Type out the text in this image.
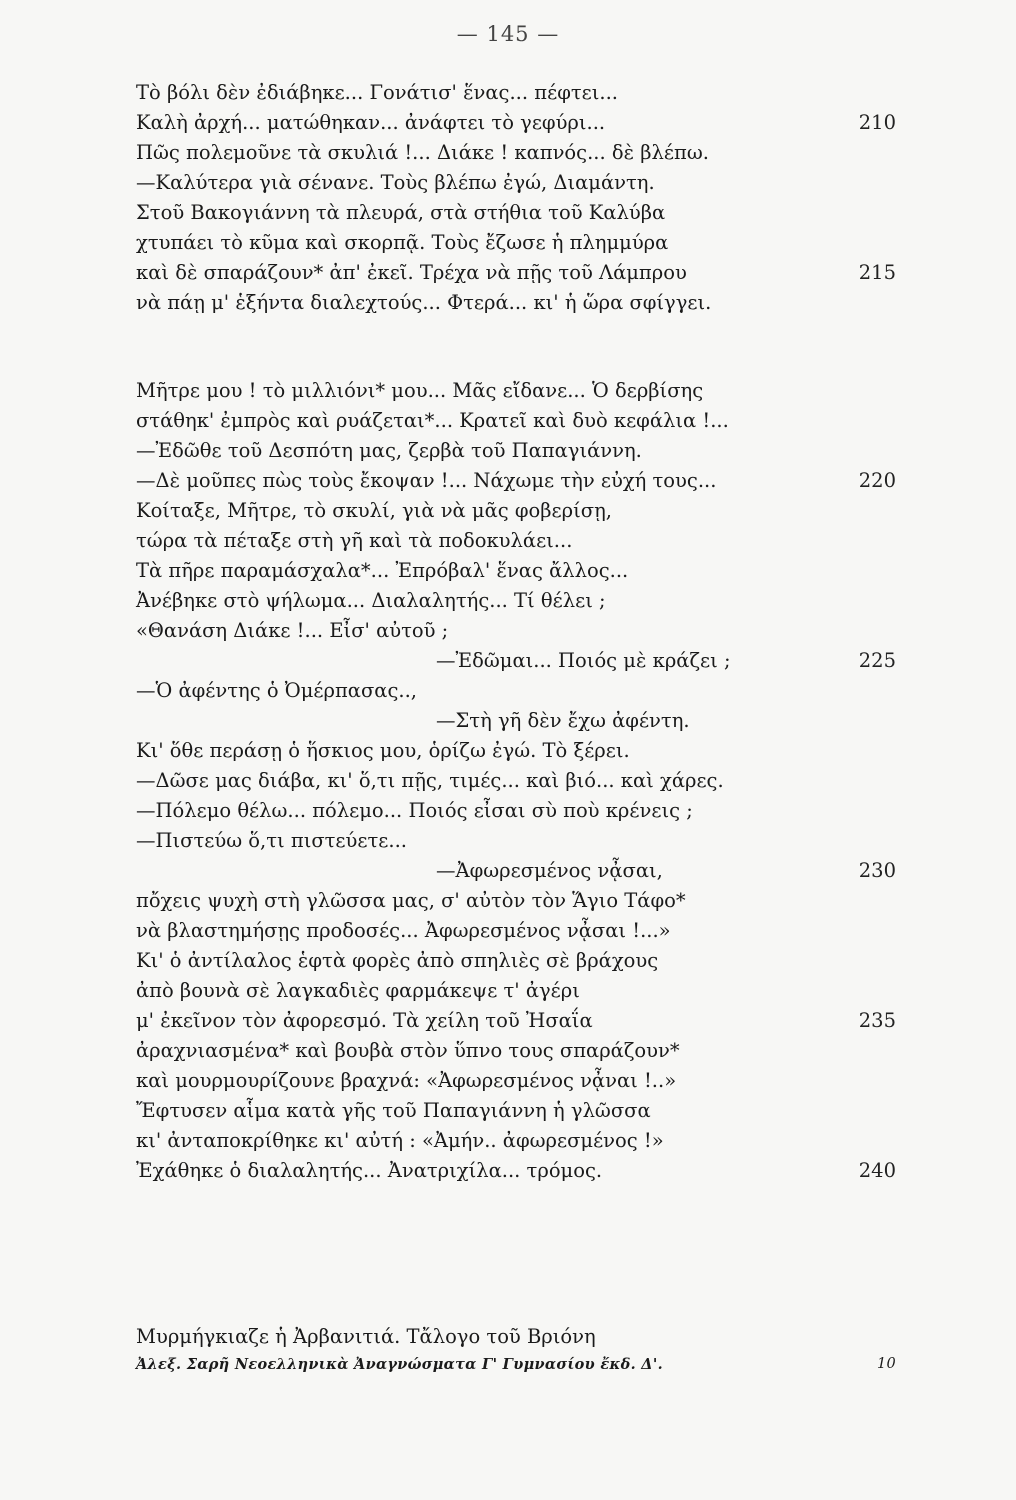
— 145 —
Τὸ βόλι δὲν ἐδιάβηκε... Γονάτισ' ἕνας... πέφτει...
Καλὴ ἀρχή... ματώθηκαν... ἀνάφτει τὸ γεφύρι...	210
Πῶς πολεμοῦνε τὰ σκυλιά !... Διάκε ! καπνός... δὲ βλέπω.
—Καλύτερα γιὰ σένανε. Τοὺς βλέπω ἐγώ, Διαμάντη.
Στοῦ Βακογιάννη τὰ πλευρά, στὰ στήθια τοῦ Καλύβα
χτυπάει τὸ κῦμα καὶ σκορπᾷ. Τοὺς ἔζωσε ἡ πλημμύρα
καὶ δὲ σπαράζουν* ἀπ' ἐκεῖ. Τρέχα νὰ πῇς τοῦ Λάμπρου	215
νὰ πάῃ μ' ἑξήντα διαλεχτούς... Φτερά... κι' ἡ ὥρα σφίγγει.
Μῆτρε μου ! τὸ μιλλιόνι* μου... Μᾶς εἴδανε... Ὁ δερβίσης
στάθηκ' ἐμπρὸς καὶ ρυάζεται*... Κρατεῖ καὶ δυὸ κεφάλια !...
—Ἐδῶθε τοῦ Δεσπότη μας, ζερβὰ τοῦ Παπαγιάννη.
—Δὲ μοῦπες πὼς τοὺς ἔκοψαν !... Νάχωμε τὴν εὐχή τους...	220
Κοίταξε, Μῆτρε, τὸ σκυλί, γιὰ νὰ μᾶς φοβερίσῃ,
τώρα τὰ πέταξε στὴ γῆ καὶ τὰ ποδοκυλάει...
Τὰ πῆρε παραμάσχαλα*... Ἐπρόβαλ' ἕνας ἄλλος...
Ἀνέβηκε στὸ ψήλωμα... Διαλαλητής... Τί θέλει ;
«Θανάση Διάκε !... Εἶσ' αὐτοῦ ;
—Ἐδῶμαι... Ποιός μὲ κράζει ;	225
—Ὁ ἀφέντης ὁ Ὀμέρπασας..,
—Στὴ γῆ δὲν ἔχω ἀφέντη.
Κι' ὅθε περάσῃ ὁ ἥσκιος μου, ὁρίζω ἐγώ. Τὸ ξέρει.
—Δῶσε μας διάβα, κι' ὅ,τι πῇς, τιμές... καὶ βιό... καὶ χάρες.
—Πόλεμο θέλω... πόλεμο... Ποιός εἶσαι σὺ ποὺ κρένεις ;
—Πιστεύω ὅ,τι πιστεύετε...
—Ἀφωρεσμένος νᾆσαι,	230
πὄχεις ψυχὴ στὴ γλῶσσα μας, σ' αὐτὸν τὸν Ἅγιο Τάφο*
νὰ βλαστημήσῃς προδοσές... Ἀφωρεσμένος νᾆσαι !...»
Κι' ὁ ἀντίλαλος ἑφτὰ φορὲς ἀπὸ σπηλιὲς σὲ βράχους
ἀπὸ βουνὰ σὲ λαγκαδιὲς φαρμάκεψε τ' ἀγέρι
μ' ἐκεῖνον τὸν ἀφορεσμό. Τὰ χείλη τοῦ Ἠσαΐα	235
ἀραχνιασμένα* καὶ βουβὰ στὸν ὕπνο τους σπαράζουν*
καὶ μουρμουρίζουνε βραχνά: «Ἀφωρεσμένος νᾆναι !..»
Ἔφτυσεν αἷμα κατὰ γῆς τοῦ Παπαγιάννη ἡ γλῶσσα
κι' ἀνταποκρίθηκε κι' αὐτή : «Ἀμήν.. ἀφωρεσμένος !»
Ἐχάθηκε ὁ διαλαλητής... Ἀνατριχίλα... τρόμος.	240
Μυρμήγκιαζε ἡ Ἀρβανιτιά. Τἄλογο τοῦ Βριόνη
Ἀλεξ. Σαρῆ Νεοελληνικὰ Ἀναγνώσματα Γ' Γυμνασίου ἔκδ. Δ'.	10
